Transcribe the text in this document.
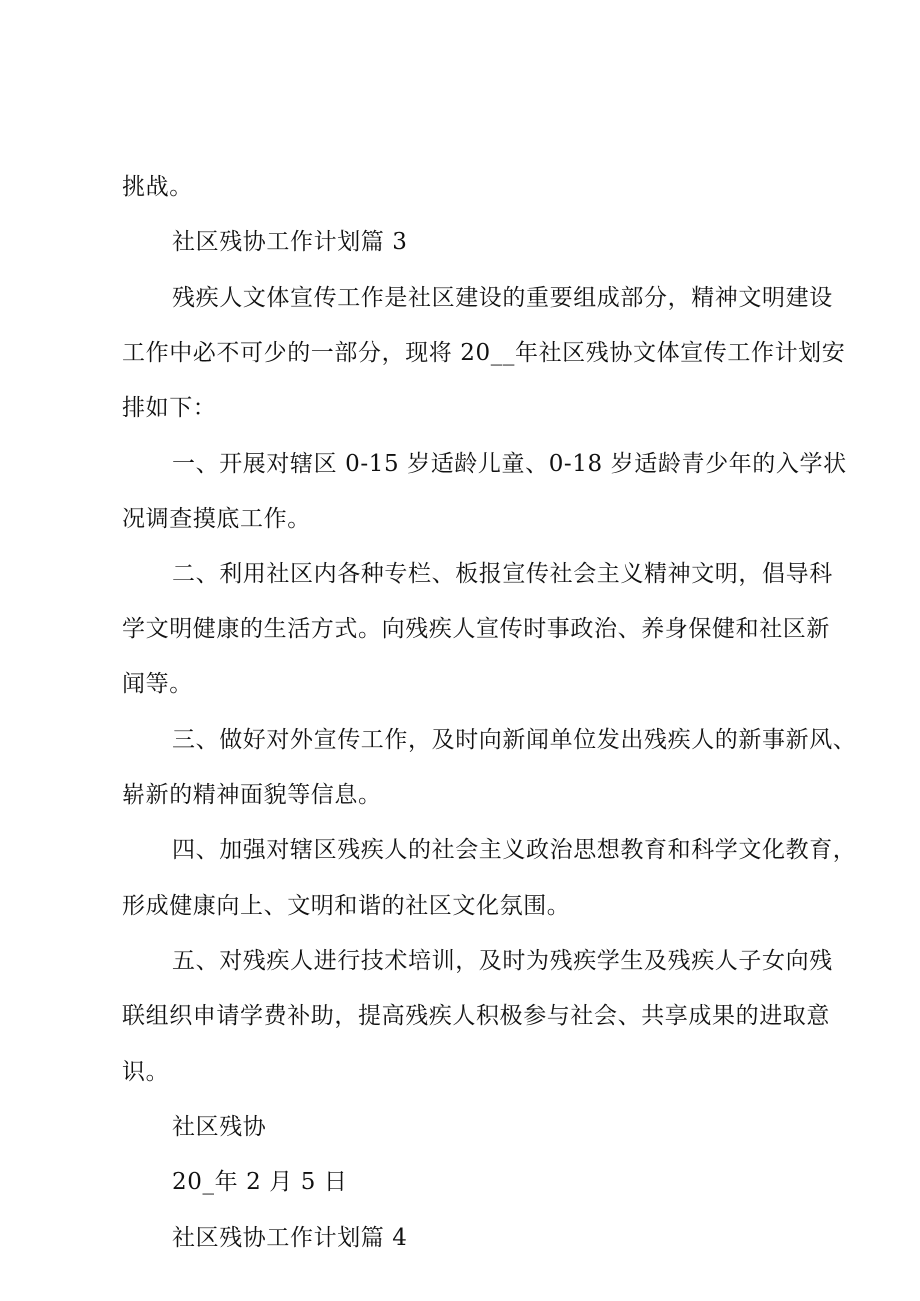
挑战。
社区残协工作计划篇 3
残疾人文体宣传工作是社区建设的重要组成部分，精神文明建设
工作中必不可少的一部分，现将 20__年社区残协文体宣传工作计划安
排如下：
一、开展对辖区 0-15 岁适龄儿童、0-18 岁适龄青少年的入学状
况调查摸底工作。
二、利用社区内各种专栏、板报宣传社会主义精神文明，倡导科
学文明健康的生活方式。向残疾人宣传时事政治、养身保健和社区新
闻等。
三、做好对外宣传工作，及时向新闻单位发出残疾人的新事新风、
崭新的精神面貌等信息。
四、加强对辖区残疾人的社会主义政治思想教育和科学文化教育，
形成健康向上、文明和谐的社区文化氛围。
五、对残疾人进行技术培训，及时为残疾学生及残疾人子女向残
联组织申请学费补助，提高残疾人积极参与社会、共享成果的进取意
识。
社区残协
20_年 2 月 5 日
社区残协工作计划篇 4
